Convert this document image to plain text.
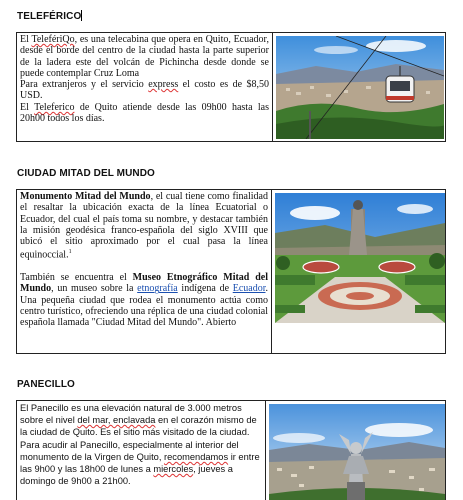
TELEFÉRICO

El TelefériQo, es una telecabina que opera en Quito, Ecuador, desde el borde del centro de la ciudad hasta la parte superior de la ladera este del volcán de Pichincha desde donde se puede contemplar Cruz Loma

Para extranjeros y el servicio express el costo es de $8,50 USD.

El Teleferico de Quito atiende desde las 09h00 hasta las 20h00 todos los días.

CIUDAD MITAD DEL MUNDO

Monumento Mitad del Mundo, el cual tiene como finalidad el resaltar la ubicación exacta de la línea Ecuatorial o Ecuador, del cual el país toma su nombre, y destacar también la misión geodésica franco-española del siglo XVIII que ubicó el sitio aproximado por el cual pasa la línea equinoccial.$^1$

También se encuentra el Museo Etnográfico Mitad del Mundo, un museo sobre la etnografía indígena de Ecuador. Una pequeña ciudad que rodea el monumento actúa como centro turístico, ofreciendo una réplica de una ciudad colonial española llamada "Ciudad Mitad del Mundo". Abierto

PANECILLO

El Panecillo es una elevación natural de 3.000 metros sobre el nivel del mar, enclavada en el corazón mismo de la ciudad de Quito. Es el sitio más visitado de la ciudad. Para acudir al Panecillo, especialmente al interior del monumento de la Virgen de Quito, recomendamos ir entre las 9h00 y las 18h00 de lunes a miercoles, jueves a domingo de 9h00 a 21h00.
